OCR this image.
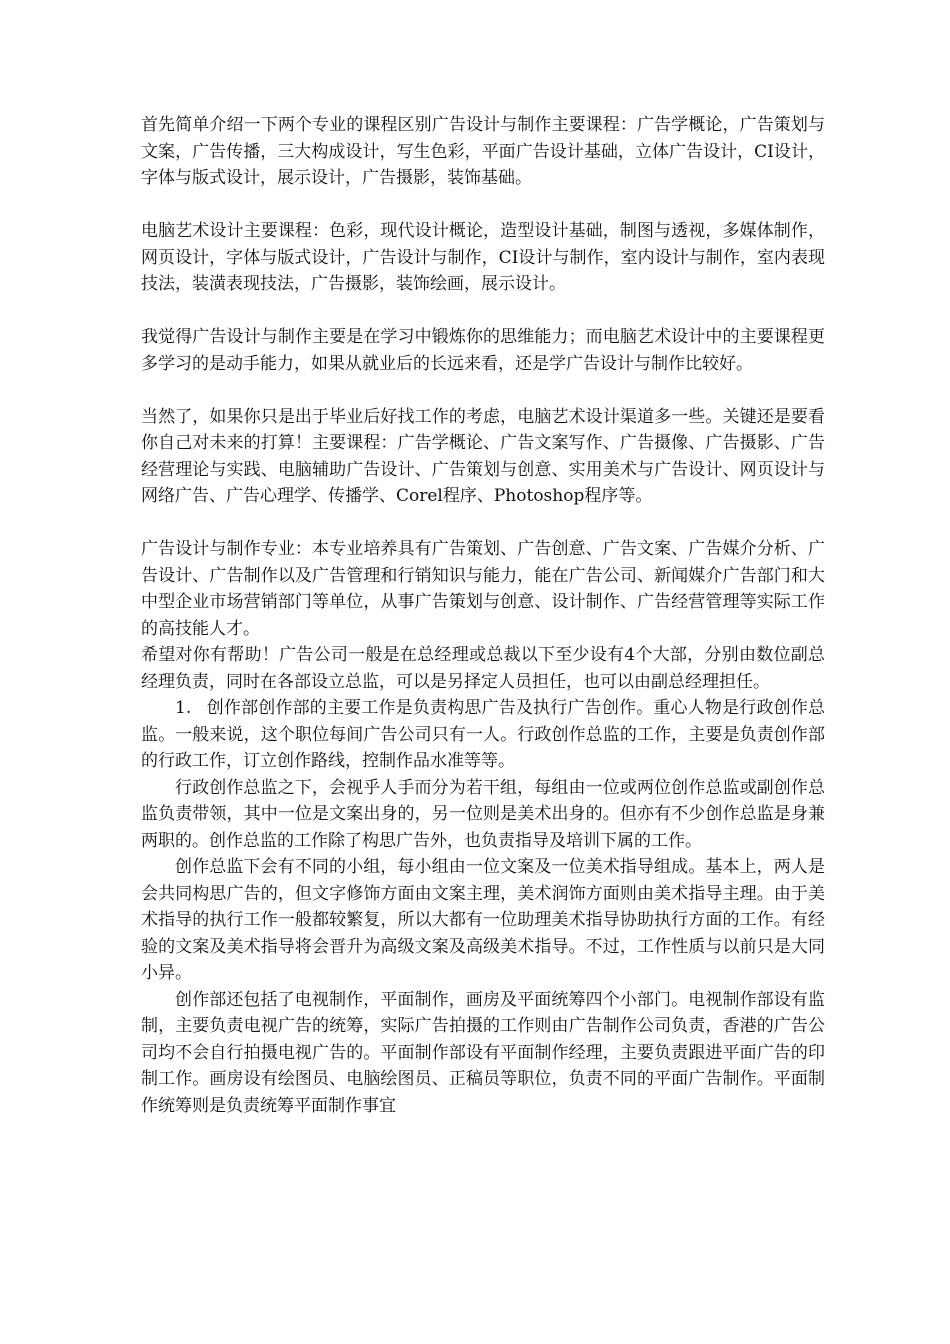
首先简单介绍一下两个专业的课程区别广告设计与制作主要课程：广告学概论，广告策划与文案，广告传播，三大构成设计，写生色彩，平面广告设计基础，立体广告设计，CI设计，字体与版式设计，展示设计，广告摄影，装饰基础。

电脑艺术设计主要课程：色彩，现代设计概论，造型设计基础，制图与透视，多媒体制作，网页设计，字体与版式设计，广告设计与制作，CI设计与制作，室内设计与制作，室内表现技法，装潢表现技法，广告摄影，装饰绘画，展示设计。

我觉得广告设计与制作主要是在学习中锻炼你的思维能力；而电脑艺术设计中的主要课程更多学习的是动手能力，如果从就业后的长远来看，还是学广告设计与制作比较好。

当然了，如果你只是出于毕业后好找工作的考虑，电脑艺术设计渠道多一些。关键还是要看你自己对未来的打算！主要课程：广告学概论、广告文案写作、广告摄像、广告摄影、广告经营理论与实践、电脑辅助广告设计、广告策划与创意、实用美术与广告设计、网页设计与网络广告、广告心理学、传播学、Corel程序、Photoshop程序等。

广告设计与制作专业：本专业培养具有广告策划、广告创意、广告文案、广告媒介分析、广告设计、广告制作以及广告管理和行销知识与能力，能在广告公司、新闻媒介广告部门和大中型企业市场营销部门等单位，从事广告策划与创意、设计制作、广告经营管理等实际工作的高技能人才。

希望对你有帮助！广告公司一般是在总经理或总裁以下至少设有4个大部，分别由数位副总经理负责，同时在各部设立总监，可以是另择定人员担任，也可以由副总经理担任。

1. 创作部创作部的主要工作是负责构思广告及执行广告创作。重心人物是行政创作总监。一般来说，这个职位每间广告公司只有一人。行政创作总监的工作，主要是负责创作部的行政工作，订立创作路线，控制作品水准等等。

行政创作总监之下，会视乎人手而分为若干组，每组由一位或两位创作总监或副创作总监负责带领，其中一位是文案出身的，另一位则是美术出身的。但亦有不少创作总监是身兼两职的。创作总监的工作除了构思广告外，也负责指导及培训下属的工作。

创作总监下会有不同的小组，每小组由一位文案及一位美术指导组成。基本上，两人是会共同构思广告的，但文字修饰方面由文案主理，美术润饰方面则由美术指导主理。由于美术指导的执行工作一般都较繁复，所以大都有一位助理美术指导协助执行方面的工作。有经验的文案及美术指导将会晋升为高级文案及高级美术指导。不过，工作性质与以前只是大同小异。

创作部还包括了电视制作，平面制作，画房及平面统筹四个小部门。电视制作部设有监制，主要负责电视广告的统筹，实际广告拍摄的工作则由广告制作公司负责，香港的广告公司均不会自行拍摄电视广告的。平面制作部设有平面制作经理，主要负责跟进平面广告的印制工作。画房设有绘图员、电脑绘图员、正稿员等职位，负责不同的平面广告制作。平面制作统筹则是负责统筹平面制作事宜
